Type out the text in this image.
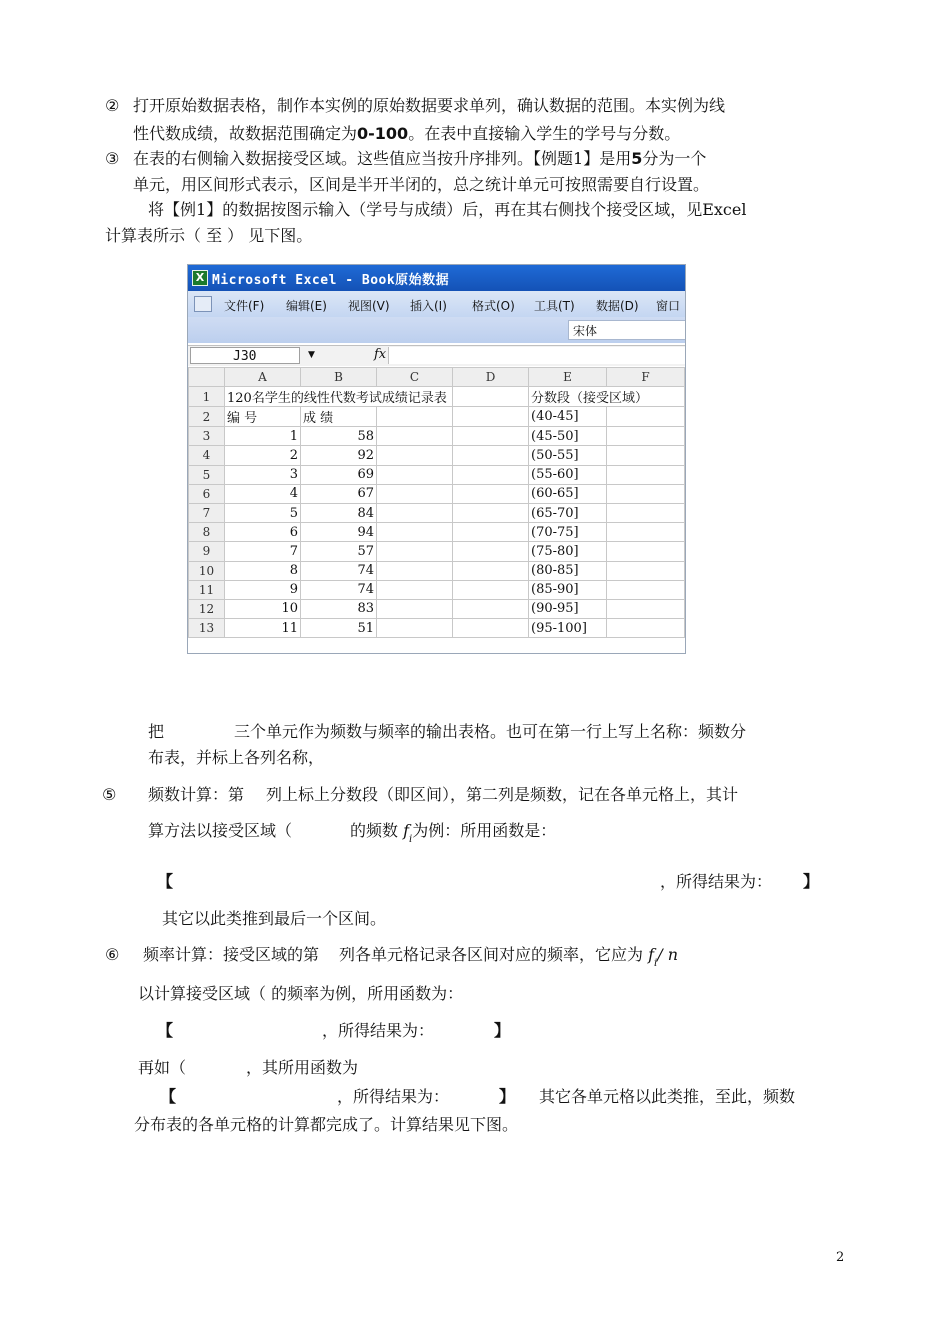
② 打开原始数据表格，制作本实例的原始数据要求单列，确认数据的范围。本实例为线
性代数成绩，故数据范围确定为0-100。在表中直接输入学生的学号与分数。
③ 在表的右侧输入数据接受区域。这些值应当按升序排列。【例题1】是用5分为一个
单元，用区间形式表示，区间是半开半闭的，总之统计单元可按照需要自行设置。
将【例1】的数据按图示输入（学号与成绩）后，再在其右侧找个接受区域，见Excel
计算表所示（ 至 ） 见下图。
X Microsoft Excel - Book原始数据
文件(F) 编辑(E) 视图(V) 插入(I) 格式(O) 工具(T) 数据(D) 窗口
宋体
J30	▼	fx
	A	B	C	D	E	F
1	120名学生的线性代数考试成绩记录表				分数段（接受区域）	
2	编 号	成 绩			(40-45]	
3	1	58			(45-50]	
4	2	92			(50-55]	
5	3	69			(55-60]	
6	4	67			(60-65]	
7	5	84			(65-70]	
8	6	94			(70-75]	
9	7	57			(75-80]	
10	8	74			(80-85]	
11	9	74			(85-90]	
12	10	83			(90-95]	
13	11	51			(95-100]	
把	三个单元作为频数与频率的输出表格。也可在第一行上写上名称：频数分
布表，并标上各列名称，
⑤ 频数计算：第 列上标上分数段（即区间），第二列是频数，记在各单元格上，其计
算方法以接受区域（	的频数 $f_i$为例：所用函数是：
【	，所得结果为： 】
其它以此类推到最后一个区间。
⑥ 频率计算：接受区域的第 列各单元格记录各区间对应的频率，它应为 $f_i/$ n
以计算接受区域（ 的频率为例，所用函数为：
【	，所得结果为：	】
再如（	，其所用函数为
【	，所得结果为：	】 其它各单元格以此类推，至此，频数
分布表的各单元格的计算都完成了。计算结果见下图。
2
